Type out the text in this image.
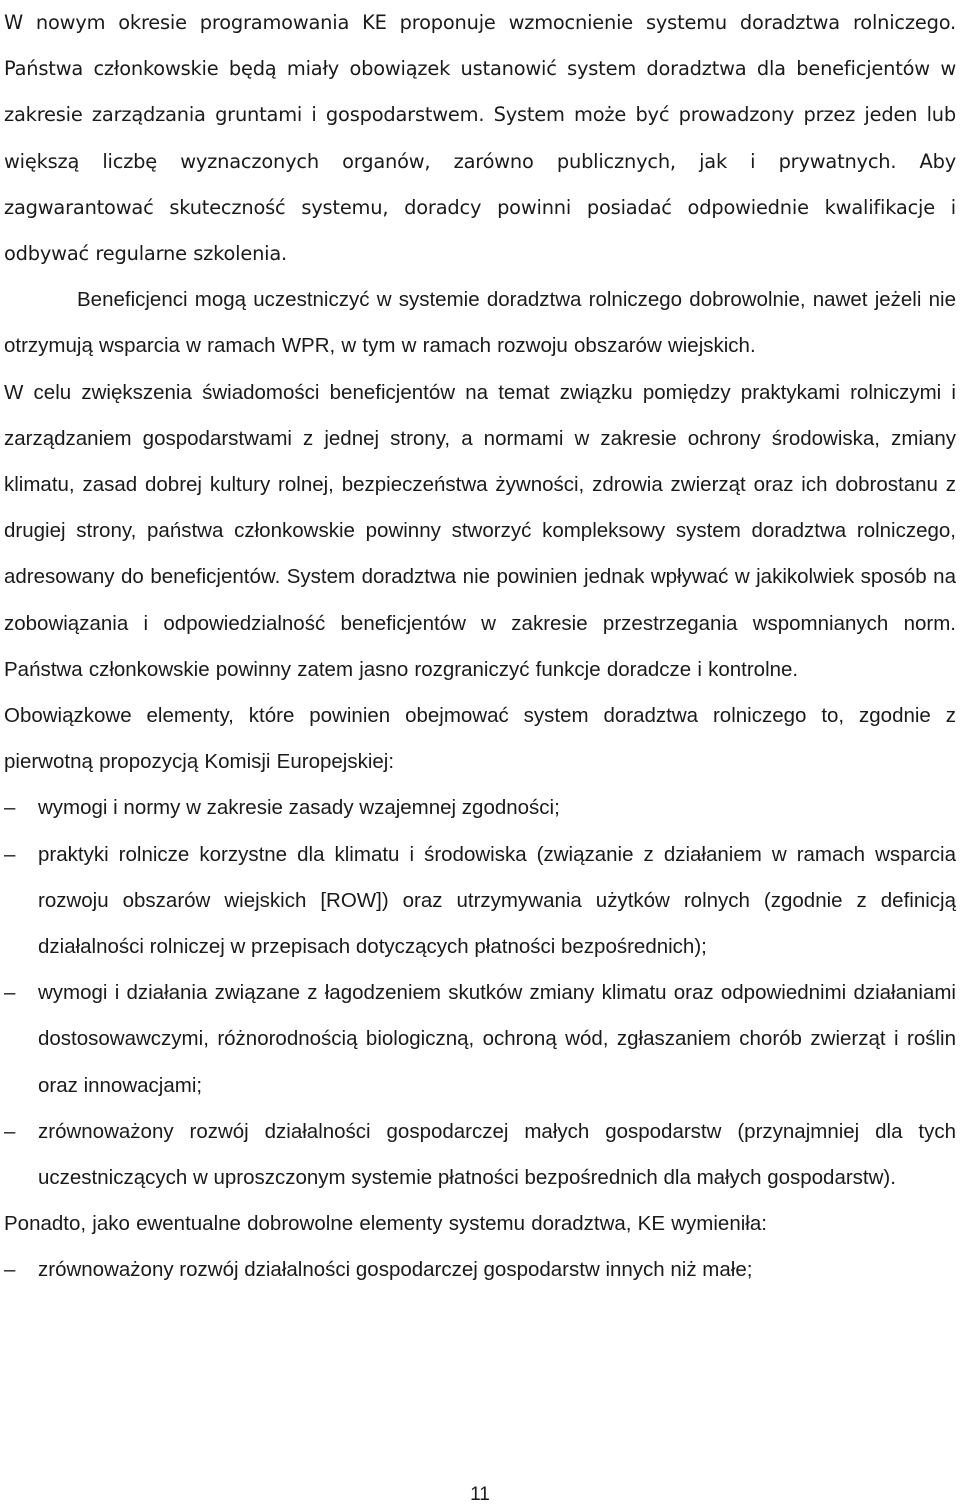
W nowym okresie programowania KE proponuje wzmocnienie systemu doradztwa rolniczego. Państwa członkowskie będą miały obowiązek ustanowić system doradztwa dla beneficjentów w zakresie zarządzania gruntami i gospodarstwem. System może być prowadzony przez jeden lub większą liczbę wyznaczonych organów, zarówno publicznych, jak i prywatnych. Aby zagwarantować skuteczność systemu, doradcy powinni posiadać odpowiednie kwalifikacje i odbywać regularne szkolenia.

Beneficjenci mogą uczestniczyć w systemie doradztwa rolniczego dobrowolnie, nawet jeżeli nie otrzymują wsparcia w ramach WPR, w tym w ramach rozwoju obszarów wiejskich.

W celu zwiększenia świadomości beneficjentów na temat związku pomiędzy praktykami rolniczymi i zarządzaniem gospodarstwami z jednej strony, a normami w zakresie ochrony środowiska, zmiany klimatu, zasad dobrej kultury rolnej, bezpieczeństwa żywności, zdrowia zwierząt oraz ich dobrostanu z drugiej strony, państwa członkowskie powinny stworzyć kompleksowy system doradztwa rolniczego, adresowany do beneficjentów. System doradztwa nie powinien jednak wpływać w jakikolwiek sposób na zobowiązania i odpowiedzialność beneficjentów w zakresie przestrzegania wspomnianych norm. Państwa członkowskie powinny zatem jasno rozgraniczyć funkcje doradcze i kontrolne.

Obowiązkowe elementy, które powinien obejmować system doradztwa rolniczego to, zgodnie z pierwotną propozycją Komisji Europejskiej:

–	wymogi i normy w zakresie zasady wzajemnej zgodności;
–	praktyki rolnicze korzystne dla klimatu i środowiska (związanie z działaniem w ramach wsparcia rozwoju obszarów wiejskich [ROW]) oraz utrzymywania użytków rolnych (zgodnie z definicją działalności rolniczej w przepisach dotyczących płatności bezpośrednich);
–	wymogi i działania związane z łagodzeniem skutków zmiany klimatu oraz odpowiednimi działaniami dostosowawczymi, różnorodnością biologiczną, ochroną wód, zgłaszaniem chorób zwierząt i roślin oraz innowacjami;
–	zrównoważony rozwój działalności gospodarczej małych gospodarstw (przynajmniej dla tych uczestniczących w uproszczonym systemie płatności bezpośrednich dla małych gospodarstw).

Ponadto, jako ewentualne dobrowolne elementy systemu doradztwa, KE wymieniła:

–	zrównoważony rozwój działalności gospodarczej gospodarstw innych niż małe;
11
